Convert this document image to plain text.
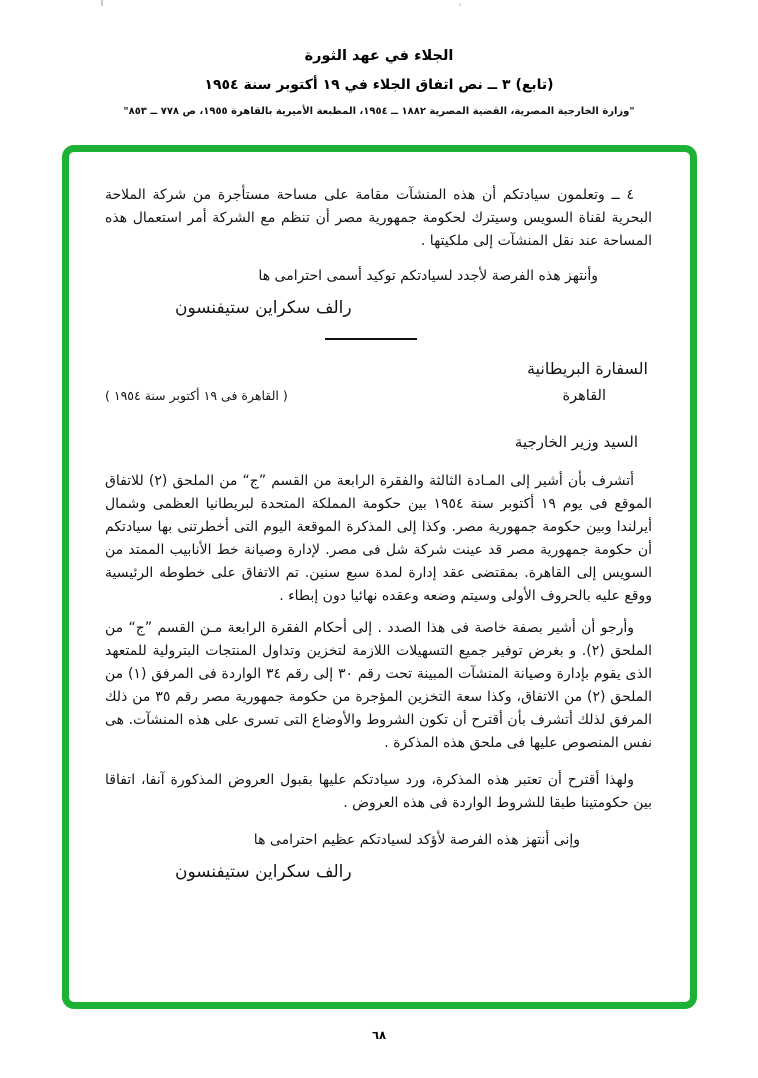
الجلاء في عهد الثورة
(تابع) ٣ ــ نص اتفاق الجلاء في ١٩ أكتوبر سنة ١٩٥٤
"وزارة الخارجية المصرية، القضية المصرية ١٨٨٢ ــ ١٩٥٤، المطبعة الأميرية بالقاهرة ١٩٥٥، ص ٧٧٨ ــ ٨٥٣"

٤ ــ وتعلمون سيادتكم أن هذه المنشآت مقامة على مساحة مستأجرة من شركة الملاحة البحرية لقناة السويس وسيترك لحكومة جمهورية مصر أن تنظم مع الشركة أمر استعمال هذه المساحة عند نقل المنشآت إلى ملكيتها .

وأنتهز هذه الفرصة لأجدد لسيادتكم توكيد أسمى احترامى ها

رالف سكراين ستيفنسون
السفارة البريطانية
القاهرة
( القاهرة فى ١٩ أكتوبر سنة ١٩٥٤ )
السيد وزير الخارجية

أتشرف بأن أشير إلى المـادة الثالثة والفقرة الرابعة من القسم ”ج“ من الملحق (٢) للاتفاق الموقع فى يوم ١٩ أكتوبر سنة ١٩٥٤ بين حكومة المملكة المتحدة لبريطانيا العظمى وشمال أيرلندا وبين حكومة جمهورية مصر. وكذا إلى المذكرة الموقعة اليوم التى أخطرتنى بها سيادتكم أن حكومة جمهورية مصر قد عينت شركة شل فى مصر. لإدارة وصيانة خط الأنابيب الممتد من السويس إلى القاهرة. بمقتضى عقد إدارة لمدة سبع سنين. تم الاتفاق على خطوطه الرئيسية ووقع عليه بالحروف الأولى وسيتم وضعه وعقده نهائيا دون إبطاء .

وأرجو أن أشير بصفة خاصة فى هذا الصدد . إلى أحكام الفقرة الرابعة مـن القسم ”ج“ من الملحق (٢). و بغرض توفير جميع التسهيلات اللازمة لتخزين وتداول المنتجات البترولية للمتعهد الذى يقوم بإدارة وصيانة المنشآت المبينة تحت رقم ٣٠ إلى رقم ٣٤ الواردة فى المرفق (١) من الملحق (٢) من الاتفاق، وكذا سعة التخزين المؤجرة من حكومة جمهورية مصر رقم ٣٥ من ذلك المرفق لذلك أتشرف بأن أقترح أن تكون الشروط والأوضاع التى تسرى على هذه المنشآت. هى نفس المنصوص عليها فى ملحق هذه المذكرة .

ولهذا أقترح أن تعتبر هذه المذكرة، ورد سيادتكم عليها بقبول العروض المذكورة آنفا، اتفاقا بين حكومتينا طبقا للشروط الواردة فى هذه العروض .

وإنى أنتهز هذه الفرصة لأؤكد لسيادتكم عظيم احترامى ها

رالف سكراين ستيفنسون
٦٨
